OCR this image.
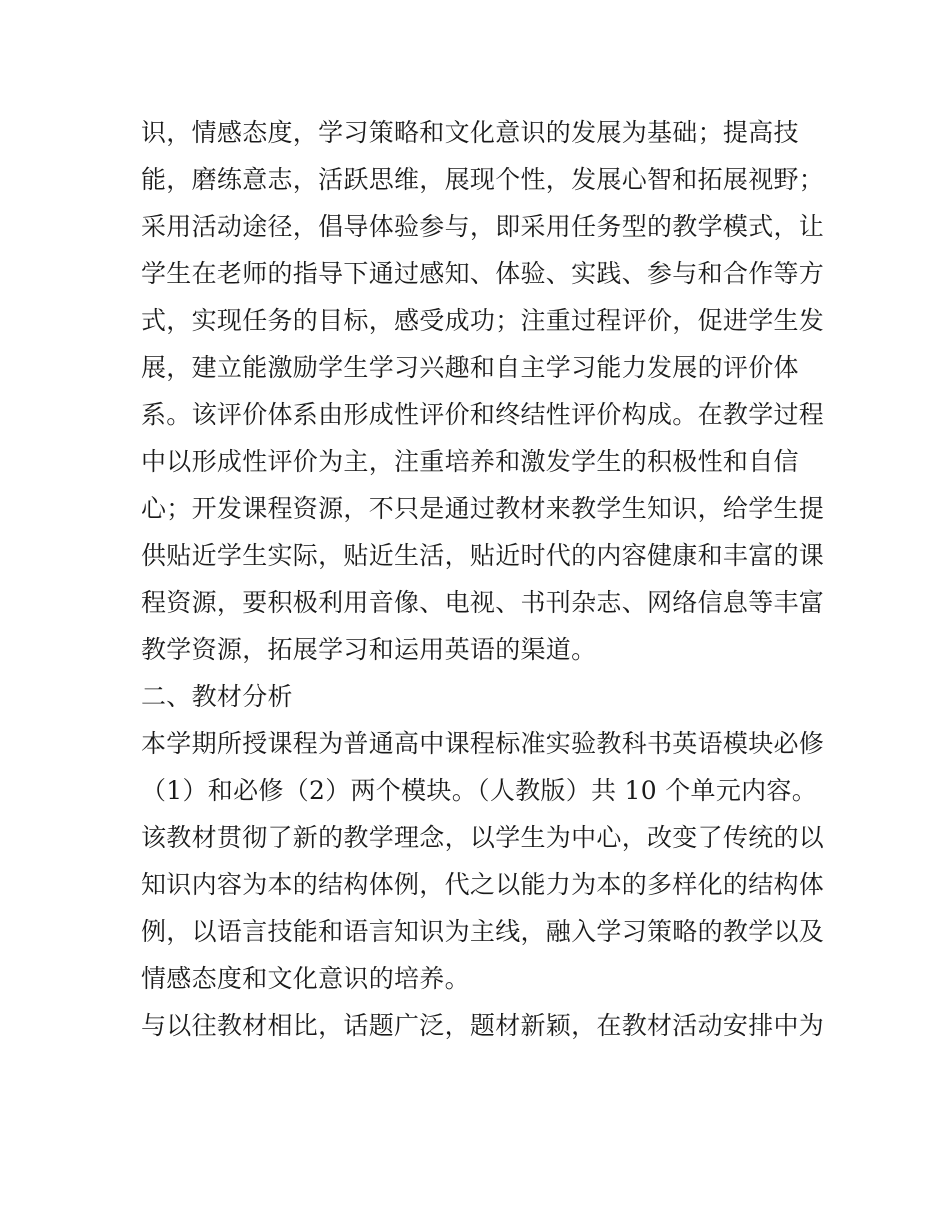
识，情感态度，学习策略和文化意识的发展为基础；提高技
能，磨练意志，活跃思维，展现个性，发展心智和拓展视野；
采用活动途径，倡导体验参与，即采用任务型的教学模式，让
学生在老师的指导下通过感知、体验、实践、参与和合作等方
式，实现任务的目标，感受成功；注重过程评价，促进学生发
展，建立能激励学生学习兴趣和自主学习能力发展的评价体
系。该评价体系由形成性评价和终结性评价构成。在教学过程
中以形成性评价为主，注重培养和激发学生的积极性和自信
心；开发课程资源，不只是通过教材来教学生知识，给学生提
供贴近学生实际，贴近生活，贴近时代的内容健康和丰富的课
程资源，要积极利用音像、电视、书刊杂志、网络信息等丰富
教学资源，拓展学习和运用英语的渠道。
二、教材分析
本学期所授课程为普通高中课程标准实验教科书英语模块必修
（1）和必修（2）两个模块。（人教版）共 10 个单元内容。
该教材贯彻了新的教学理念，以学生为中心，改变了传统的以
知识内容为本的结构体例，代之以能力为本的多样化的结构体
例，以语言技能和语言知识为主线，融入学习策略的教学以及
情感态度和文化意识的培养。
与以往教材相比，话题广泛，题材新颖，在教材活动安排中为
